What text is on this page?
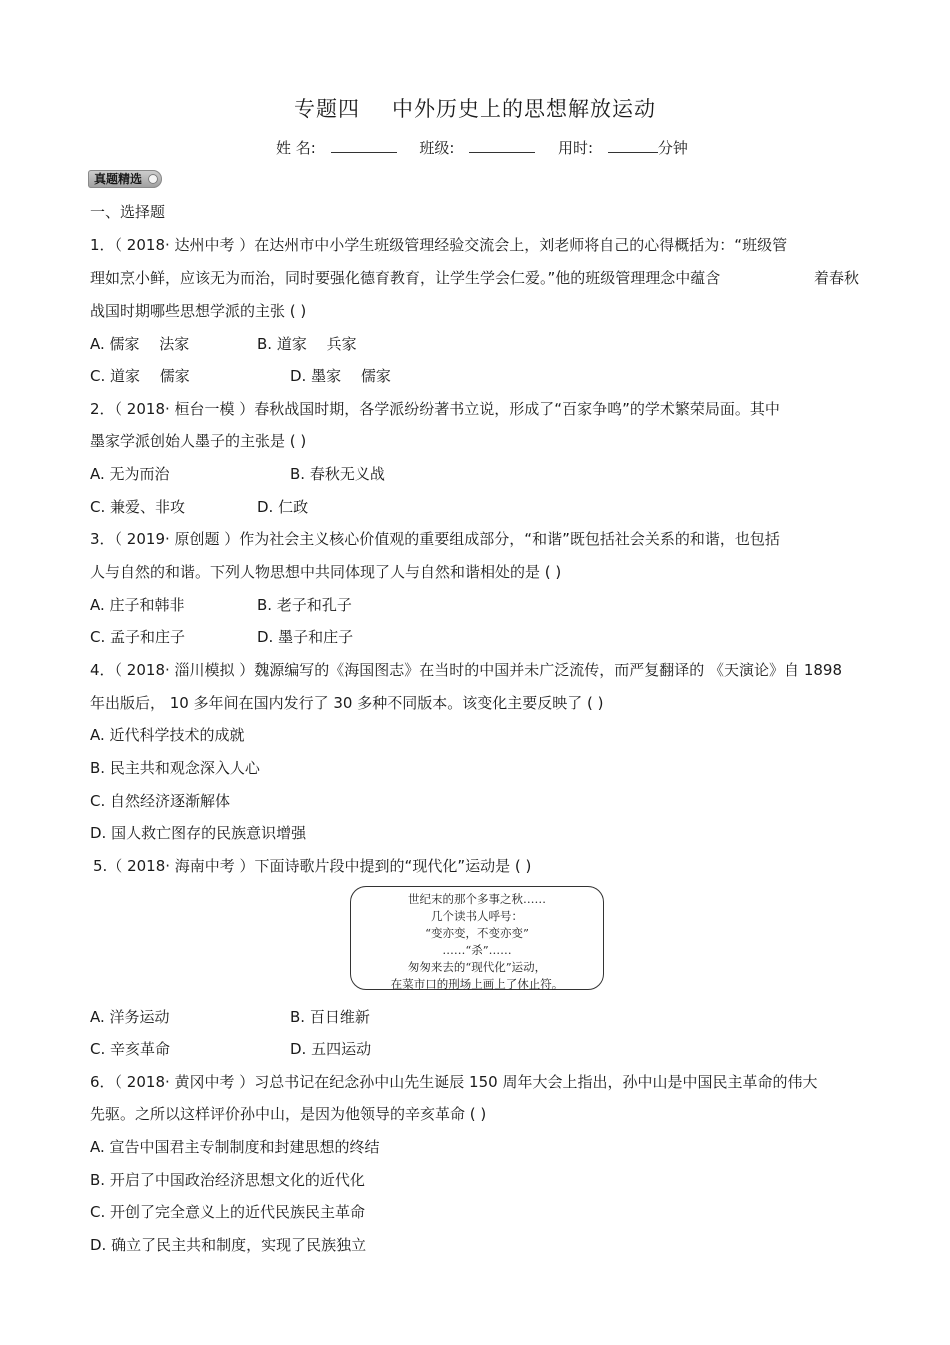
专题四 中外历史上的思想解放运动
姓 名:	班级:	用时:	分钟
真题精选
一、选择题
1．（ 2018· 达州中考 ）在达州市中小学生班级管理经验交流会上，刘老师将自己的心得概括为：“班级管
理如烹小鲜，应该无为而治，同时要强化德育教育，让学生学会仁爱。”他的班级管理理念中蕴含	着春秋
战国时期哪些思想学派的主张 ( )
A. 儒家　 法家	B. 道家　 兵家
C. 道家　 儒家	D. 墨家　 儒家
2．（ 2018· 桓台一模 ）春秋战国时期，各学派纷纷著书立说，形成了“百家争鸣”的学术繁荣局面。其中
墨家学派创始人墨子的主张是 ( )
A. 无为而治	B. 春秋无义战
C. 兼爱、非攻	D. 仁政
3．（ 2019· 原创题 ）作为社会主义核心价值观的重要组成部分，“和谐”既包括社会关系的和谐，也包括
人与自然的和谐。下列人物思想中共同体现了人与自然和谐相处的是 ( )
A. 庄子和韩非	B. 老子和孔子
C. 孟子和庄子	D. 墨子和庄子
4．（ 2018· 淄川模拟 ）魏源编写的《海国图志》在当时的中国并未广泛流传，而严复翻译的 《天演论》自 1898
年出版后， 10 多年间在国内发行了 30 多种不同版本。该变化主要反映了 ( )
A. 近代科学技术的成就
B. 民主共和观念深入人心
C. 自然经济逐渐解体
D. 国人救亡图存的民族意识增强
5.（ 2018· 海南中考 ）下面诗歌片段中提到的“现代化”运动是 ( )
世纪末的那个多事之秋……
几个读书人呼号：
“变亦变，不变亦变”
……“杀”……
匆匆来去的“现代化”运动，
在菜市口的刑场上画上了休止符。
A. 洋务运动	B. 百日维新
C. 辛亥革命	D. 五四运动
6．（ 2018· 黄冈中考 ）习总书记在纪念孙中山先生诞辰 150 周年大会上指出，孙中山是中国民主革命的伟大
先驱。之所以这样评价孙中山，是因为他领导的辛亥革命 ( )
A. 宣告中国君主专制制度和封建思想的终结
B. 开启了中国政治经济思想文化的近代化
C. 开创了完全意义上的近代民族民主革命
D. 确立了民主共和制度，实现了民族独立
